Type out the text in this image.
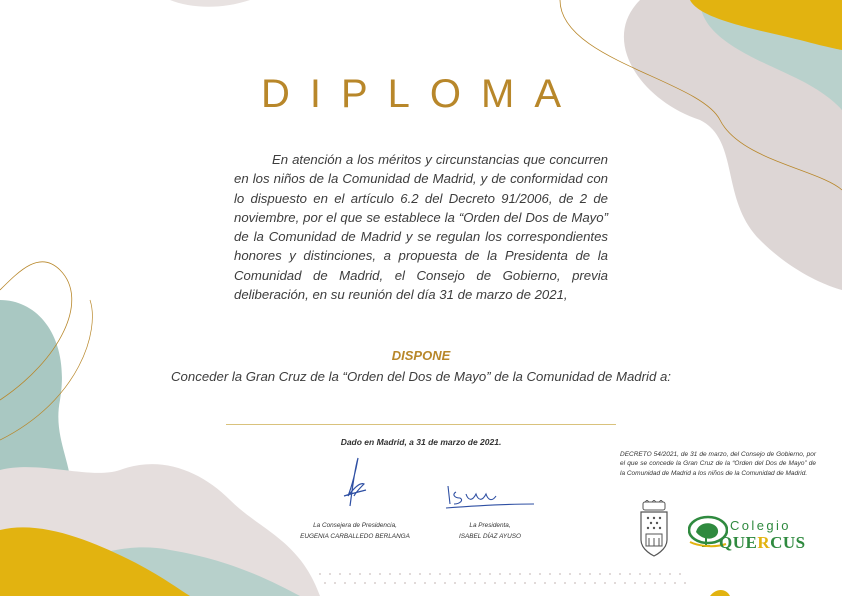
DIPLOMA

En atención a los méritos y circunstancias que concurren en los niños de la Comunidad de Madrid, y de conformidad con lo dispuesto en el artículo 6.2 del Decreto 91/2006, de 2 de noviembre, por el que se establece la “Orden del Dos de Mayo” de la Comunidad de Madrid y se regulan los correspondientes honores y distinciones, a propuesta de la Presidenta de la Comunidad de Madrid, el Consejo de Gobierno, previa deliberación, en su reunión del día 31 de marzo de 2021,

DISPONE
Conceder la Gran Cruz de la “Orden del Dos de Mayo” de la Comunidad de Madrid a:
Dado en Madrid, a 31 de marzo de 2021.
La Consejera de Presidencia,
EUGENIA CARBALLEDO BERLANGA
La Presidenta,
ISABEL DÍAZ AYUSO
DECRETO 54/2021, de 31 de marzo, del Consejo de Gobierno, por el que se concede la Gran Cruz de la “Orden del Dos de Mayo” de la Comunidad de Madrid a los niños de la Comunidad de Madrid.
Colegio
QUERCUS
